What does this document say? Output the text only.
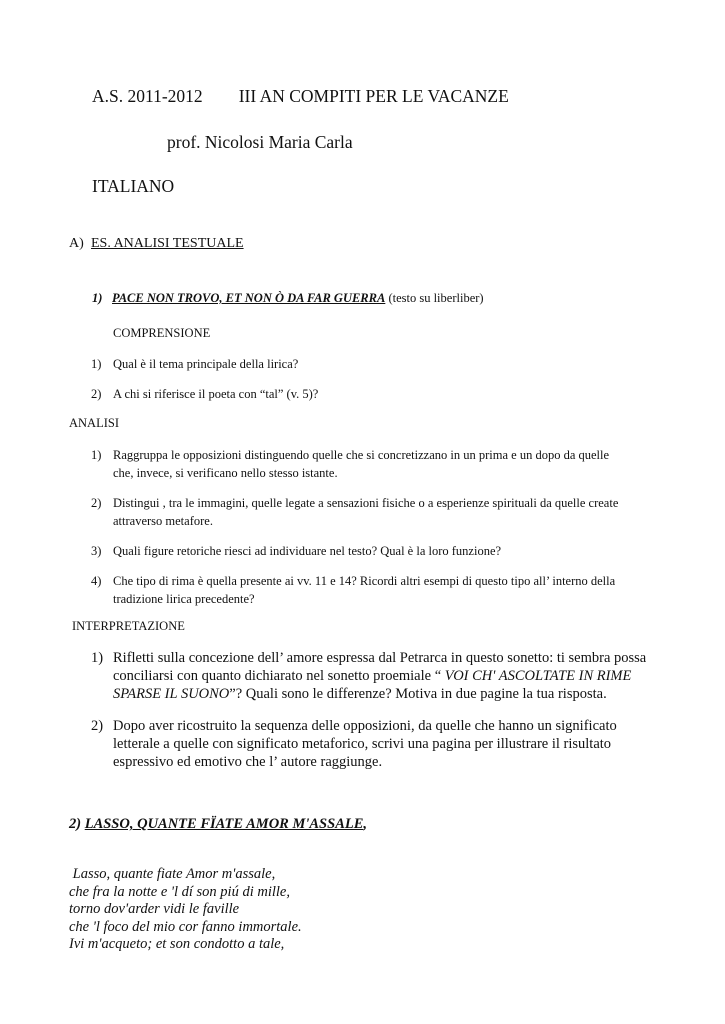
A.S. 2011-2012 III AN COMPITI PER LE VACANZE
prof. Nicolosi Maria Carla
ITALIANO
A) ES. ANALISI TESTUALE
1) PACE NON TROVO, ET NON Ò DA FAR GUERRA (testo su liberliber)
COMPRENSIONE
1) Qual è il tema principale della lirica?
2) A chi si riferisce il poeta con “tal” (v. 5)?
ANALISI
1) Raggruppa le opposizioni distinguendo quelle che si concretizzano in un prima e un dopo da quelle
che, invece, si verificano nello stesso istante.
2) Distingui , tra le immagini, quelle legate a sensazioni fisiche o a esperienze spirituali da quelle create
attraverso metafore.
3) Quali figure retoriche riesci ad individuare nel testo? Qual è la loro funzione?
4) Che tipo di rima è quella presente ai vv. 11 e 14? Ricordi altri esempi di questo tipo all’ interno della
tradizione lirica precedente?
INTERPRETAZIONE
1) Rifletti sulla concezione dell’ amore espressa dal Petrarca in questo sonetto: ti sembra possa
conciliarsi con quanto dichiarato nel sonetto proemiale “ VOI CH' ASCOLTATE IN RIME
SPARSE IL SUONO”? Quali sono le differenze? Motiva in due pagine la tua risposta.
2) Dopo aver ricostruito la sequenza delle opposizioni, da quelle che hanno un significato
letterale a quelle con significato metaforico, scrivi una pagina per illustrare il risultato
espressivo ed emotivo che l’ autore raggiunge.
2) LASSO, QUANTE FÏATE AMOR M'ASSALE,
Lasso, quante fiate Amor m'assale,
che fra la notte e 'l dí son piú di mille,
torno dov'arder vidi le faville
che 'l foco del mio cor fanno immortale.
Ivi m'acqueto; et son condotto a tale,
